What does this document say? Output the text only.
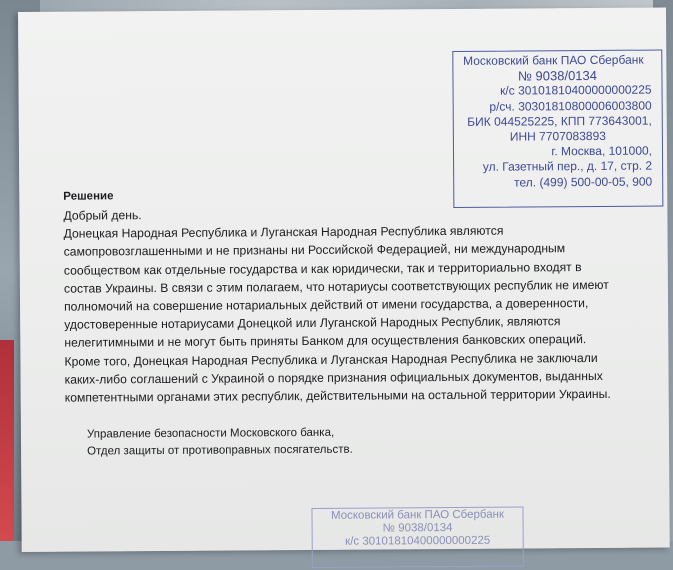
Московский банк ПАО Сбербанк
№ 9038/0134
к/с 30101810400000000225
р/сч. 30301810800006003800
БИК 044525225, КПП 773643001,
ИНН 7707083893
г. Москва, 101000,
ул. Газетный пер., д. 17, стр. 2
тел. (499) 500-00-05, 900
Решение
Добрый день.
Донецкая Народная Республика и Луганская Народная Республика являются
самопровозглашенными и не признаны ни Российской Федерацией, ни международным
сообществом как отдельные государства и как юридически, так и территориально входят в
состав Украины. В связи с этим полагаем, что нотариусы соответствующих республик не имеют
полномочий на совершение нотариальных действий от имени государства, а доверенности,
удостоверенные нотариусами Донецкой или Луганской Народных Республик, являются
нелегитимными и не могут быть приняты Банком для осуществления банковских операций.
Кроме того, Донецкая Народная Республика и Луганская Народная Республика не заключали
каких-либо соглашений с Украиной о порядке признания официальных документов, выданных
компетентными органами этих республик, действительными на остальной территории Украины.
Управление безопасности Московского банка,
Отдел защиты от противоправных посягательств.
Московский банк ПАО Сбербанк
№ 9038/0134
к/с 30101810400000000225
